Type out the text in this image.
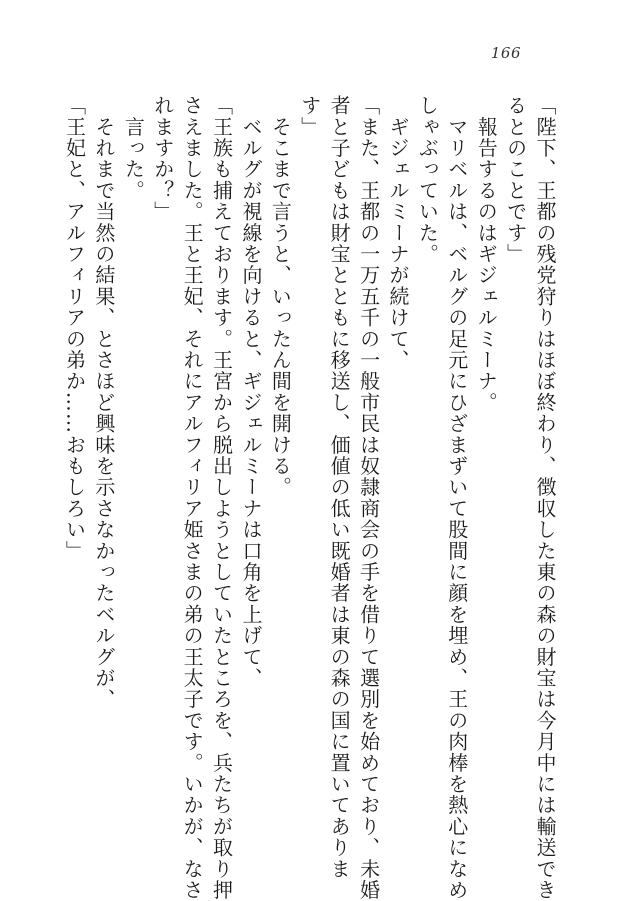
166
「陛下、王都の残党狩りはほぼ終わり、徴収した東の森の財宝は今月中には輸送でき
るとのことです」
　報告するのはギジェルミーナ。
　マリベルは、ベルグの足元にひざまずいて股間に顔を埋め、王の肉棒を熱心になめ
しゃぶっていた。
　ギジェルミーナが続けて、
「また、王都の一万五千の一般市民は奴隷商会の手を借りて選別を始めており、未婚
者と子どもは財宝とともに移送し、価値の低い既婚者は東の森の国に置いてありま
す」
　そこまで言うと、いったん間を開ける。
　ベルグが視線を向けると、ギジェルミーナは口角を上げて、
「王族も捕えております。王宮から脱出しようとしていたところを、兵たちが取り押
さえました。王と王妃、それにアルフィリア姫さまの弟の王太子です。いかが、なさ
れますか？」
　言った。
　それまで当然の結果、とさほど興味を示さなかったベルグが、
「王妃と、アルフィリアの弟か……おもしろい」
